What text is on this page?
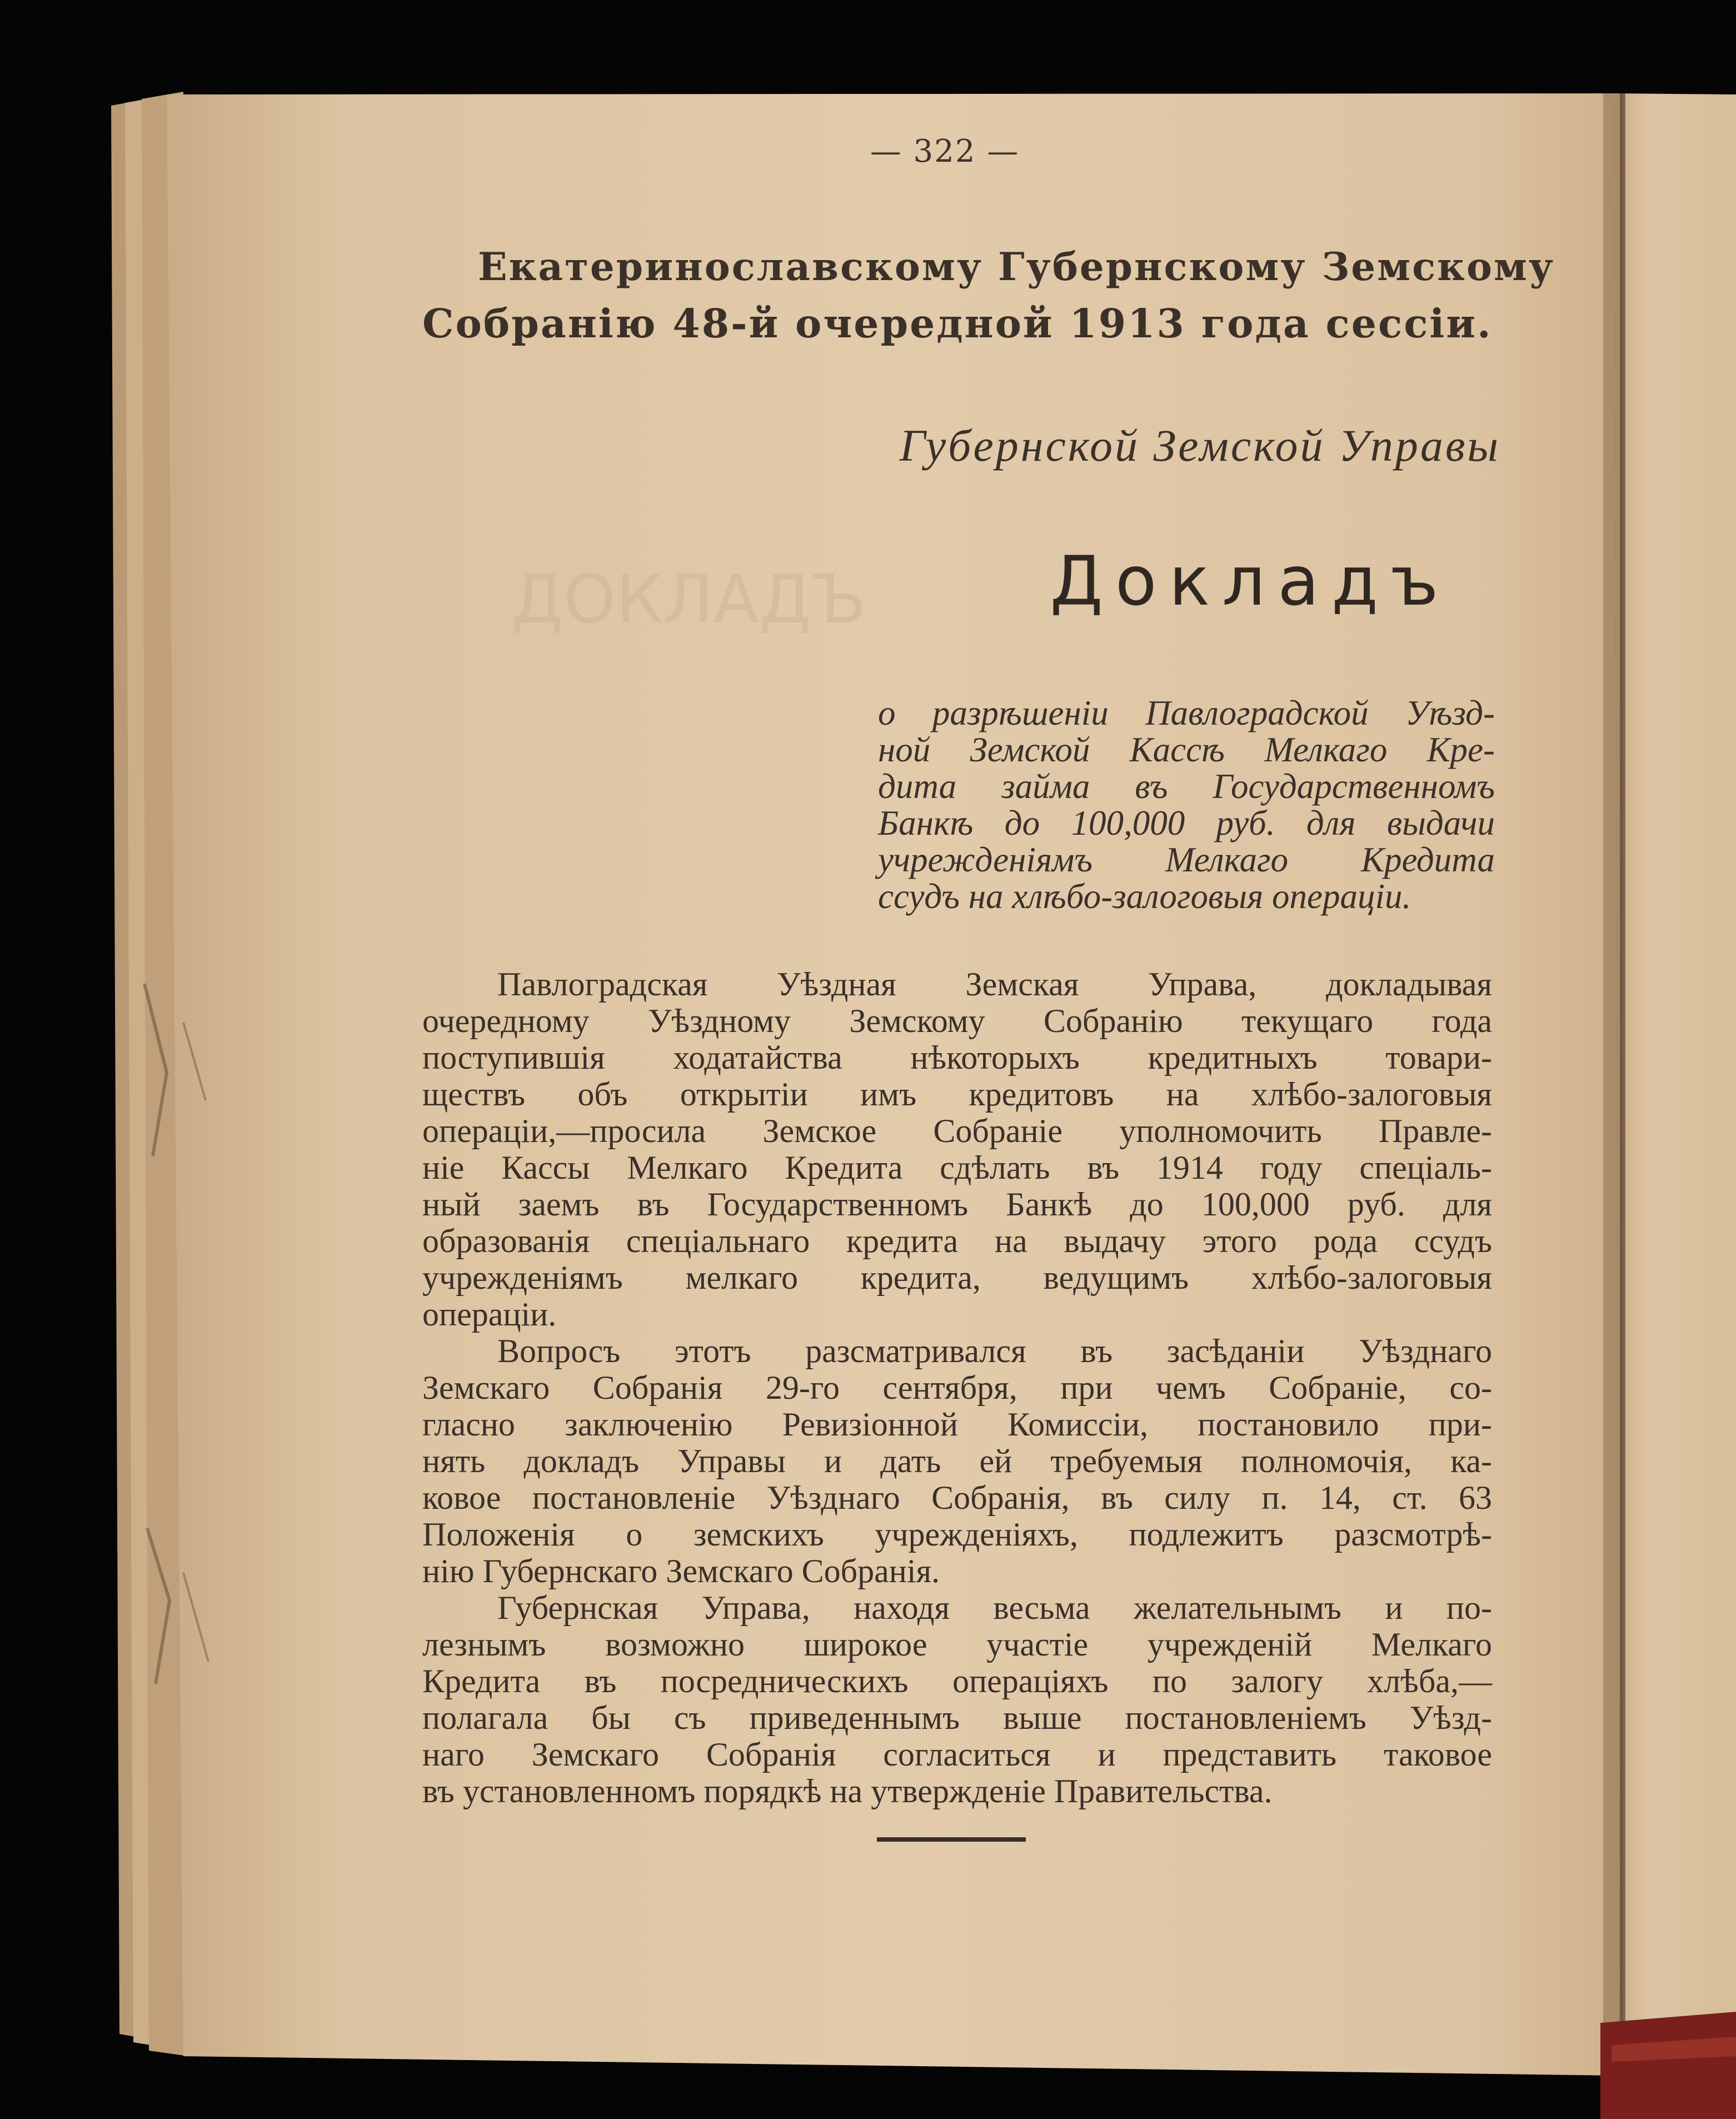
ДОКЛАДЪ
— 322 —
Екатеринославскому Губернскому Земскому
Собранію 48-й очередной 1913 года сессіи.
Губернской Земской Управы
Докладъ
о разрѣшеніи Павлоградской Уѣзд-
ной Земской Кассѣ Мелкаго Кре-
дита займа въ Государственномъ
Банкѣ до 100,000 руб. для выдачи
учрежденіямъ Мелкаго Кредита
ссудъ на хлѣбо-залоговыя операціи.
Павлоградская Уѣздная Земская Управа, докладывая
очередному Уѣздному Земскому Собранію текущаго года
поступившія ходатайства нѣкоторыхъ кредитныхъ товари-
ществъ объ открытіи имъ кредитовъ на хлѣбо-залоговыя
операціи,—просила Земское Собраніе уполномочить Правле-
ніе Кассы Мелкаго Кредита сдѣлать въ 1914 году спеціаль-
ный заемъ въ Государственномъ Банкѣ до 100,000 руб. для
образованія спеціальнаго кредита на выдачу этого рода ссудъ
учрежденіямъ мелкаго кредита, ведущимъ хлѣбо-залоговыя
операціи.
Вопросъ этотъ разсматривался въ засѣданіи Уѣзднаго
Земскаго Собранія 29-го сентября, при чемъ Собраніе, со-
гласно заключенію Ревизіонной Комиссіи, постановило при-
нять докладъ Управы и дать ей требуемыя полномочія, ка-
ковое постановленіе Уѣзднаго Собранія, въ силу п. 14, ст. 63
Положенія о земскихъ учрежденіяхъ, подлежитъ разсмотрѣ-
нію Губернскаго Земскаго Собранія.
Губернская Управа, находя весьма желательнымъ и по-
лезнымъ возможно широкое участіе учрежденій Мелкаго
Кредита въ посредническихъ операціяхъ по залогу хлѣба,—
полагала бы съ приведеннымъ выше постановленіемъ Уѣзд-
наго Земскаго Собранія согласиться и представить таковое
въ установленномъ порядкѣ на утвержденіе Правительства.
